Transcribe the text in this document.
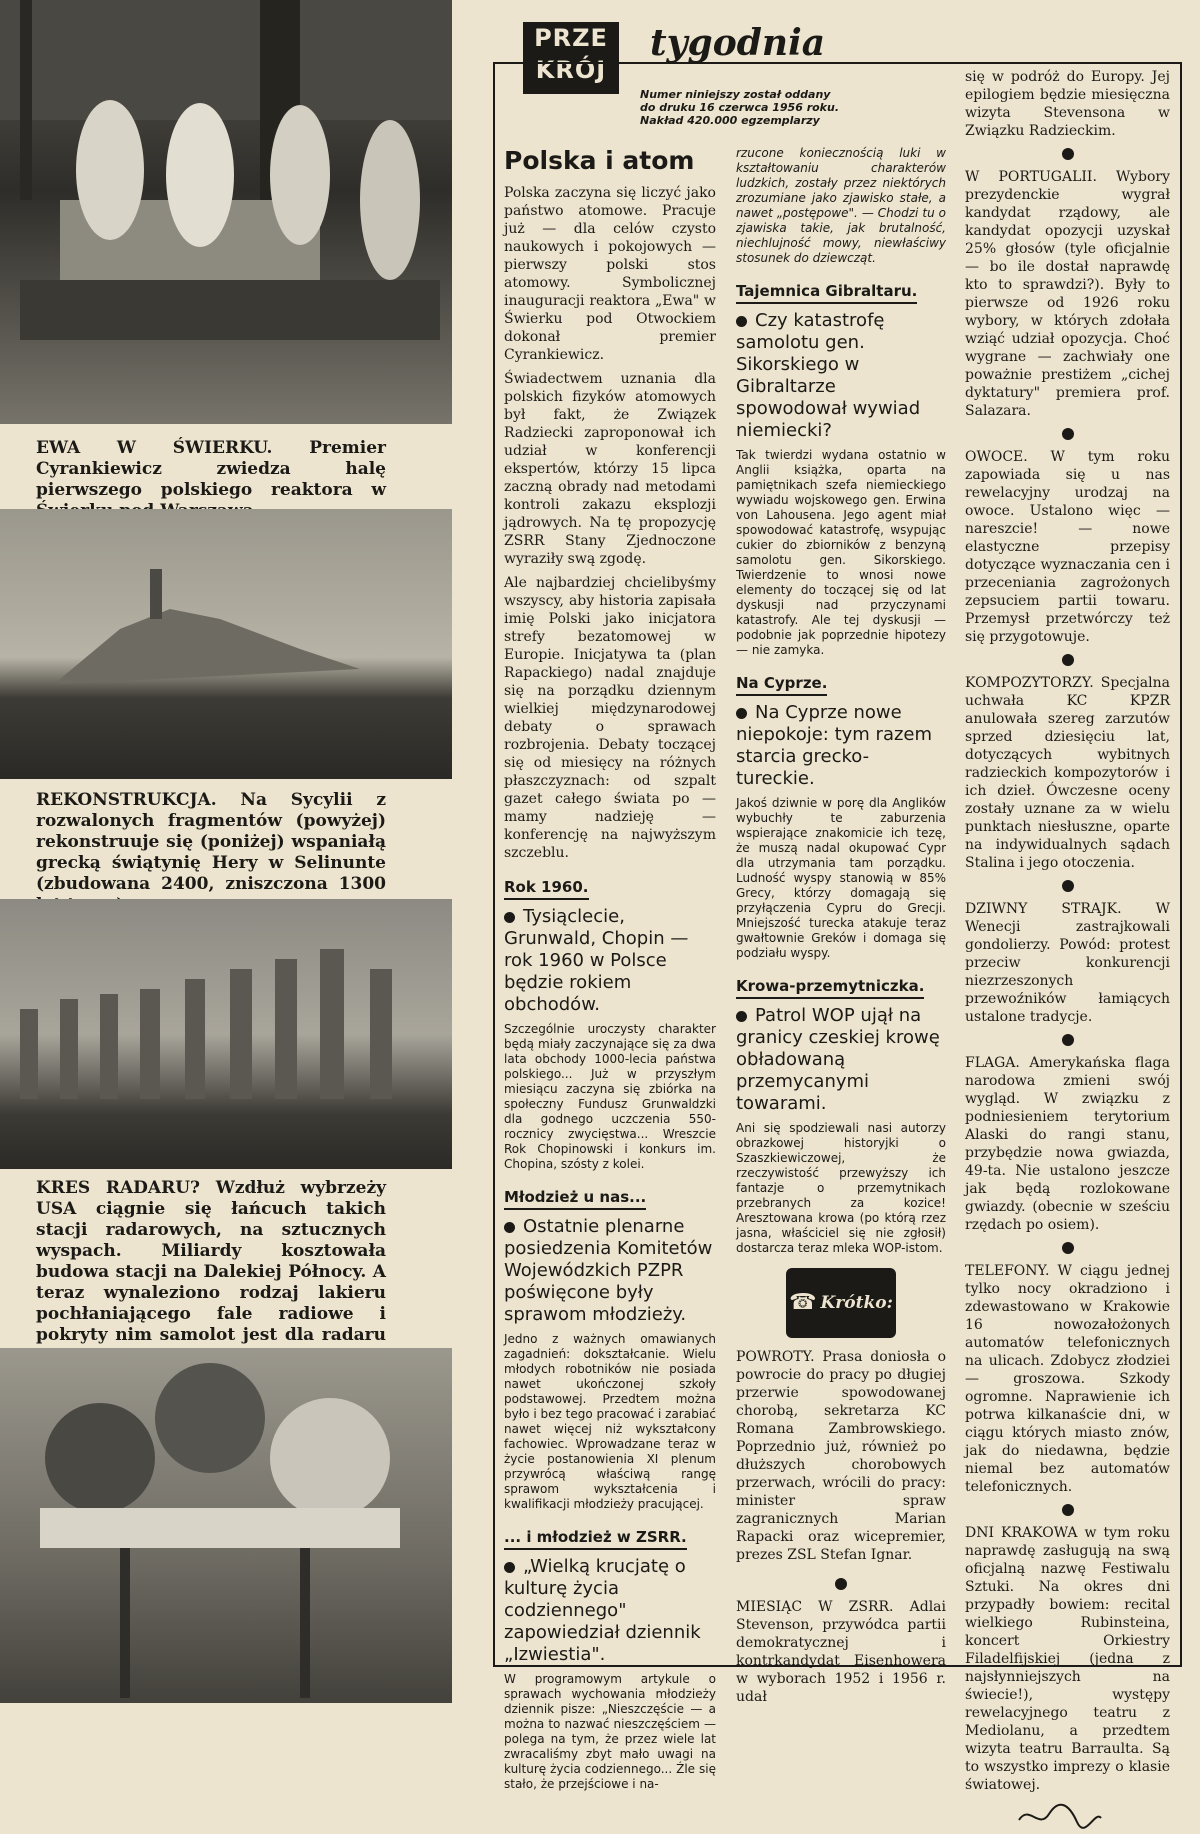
EWA W ŚWIERKU. Premier Cyrankiewicz zwiedza halę pierwszego polskiego reaktora w
REKONSTRUKCJA. Na Sycylii z rozwalonych fragmentów (powyżej) rekonstruuje się (poniżej) wspaniałą grecką świątynię Hery w Selinunte (zbudowana 2400, zniszczona 1300
KRES RADARU? Wzdłuż wybrzeży USA ciągnie się łańcuch takich stacji radarowych, na sztucznych wyspach. Miliardy kosztowała budowa stacji na Dalekiej Północy. A teraz wynaleziono rodzaj lakieru pochłaniającego fale radiowe i pokryty nim samolot jest dla radaru
PRZE
KRÓJ
tygodnia
Numer niniejszy został oddany
do druku 16 czerwca 1956 roku.
Nakład 420.000 egzemplarzy
Polska i atom

Polska zaczyna się liczyć jako państwo atomowe. Pracuje już — dla celów czysto naukowych i pokojowych — pierwszy polski stos atomowy. Symbolicznej inauguracji reaktora „Ewa" w Świerku pod Otwockiem dokonał premier Cyrankiewicz.

Świadectwem uznania dla polskich fizyków atomowych był fakt, że Związek Radziecki zaproponował ich udział w konferencji ekspertów, którzy 15 lipca zaczną obrady nad metodami kontroli zakazu eksplozji jądrowych. Na tę propozycję ZSRR Stany Zjednoczone wyraziły swą zgodę.

Ale najbardziej chcielibyśmy wszyscy, aby historia zapisała imię Polski jako inicjatora strefy bezatomowej w Europie. Inicjatywa ta (plan Rapackiego) nadal znajduje się na porządku dziennym wielkiej międzynarodowej debaty o sprawach rozbrojenia. Debaty toczącej się od miesięcy na różnych płaszczyznach: od szpalt gazet całego świata po — mamy nadzieję — konferencję na najwyższym szczeblu.

Rok 1960.
Tysiąclecie, Grunwald, Chopin — rok 1960 w Polsce będzie rokiem obchodów.

Szczególnie uroczysty charakter będą miały zaczynające się za dwa lata obchody 1000-lecia państwa polskiego... Już w przyszłym miesiącu zaczyna się zbiórka na społeczny Fundusz Grunwaldzki dla godnego uczczenia 550-rocznicy zwycięstwa... Wreszcie Rok Chopinowski i konkurs im. Chopina, szósty z kolei.

Młodzież u nas...
Ostatnie plenarne posiedzenia Komitetów Wojewódzkich PZPR poświęcone były sprawom młodzieży.

Jedno z ważnych omawianych zagadnień: dokształcanie. Wielu młodych robotników nie posiada nawet ukończonej szkoły podstawowej. Przedtem można było i bez tego pracować i zarabiać nawet więcej niż wykształcony fachowiec. Wprowadzane teraz w życie postanowienia XI plenum przywrócą właściwą rangę sprawom wykształcenia i kwalifikacji młodzieży pracującej.

... i młodzież w ZSRR.
„Wielką krucjatę o kulturę życia codziennego" zapowiedział dziennik „Izwiestia".

W programowym artykule o sprawach wychowania młodzieży dziennik pisze: „Nieszczęście — a można to nazwać nieszczęściem — polega na tym, że przez wiele lat zwracaliśmy zbyt mało uwagi na kulturę życia codziennego... Źle się stało, że przejściowe i na-

rzucone koniecznością luki w kształtowaniu charakterów ludzkich, zostały przez niektórych zrozumiane jako zjawisko stałe, a nawet „postępowe". — Chodzi tu o zjawiska takie, jak brutalność, niechlujność mowy, niewłaściwy stosunek do dziewcząt.

Tajemnica Gibraltaru.
Czy katastrofę samolotu gen. Sikorskiego w Gibraltarze spowodował wywiad niemiecki?

Tak twierdzi wydana ostatnio w Anglii książka, oparta na pamiętnikach szefa niemieckiego wywiadu wojskowego gen. Erwina von Lahousena. Jego agent miał spowodować katastrofę, wsypując cukier do zbiorników z benzyną samolotu gen. Sikorskiego. Twierdzenie to wnosi nowe elementy do toczącej się od lat dyskusji nad przyczynami katastrofy. Ale tej dyskusji — podobnie jak poprzednie hipotezy — nie zamyka.

Na Cyprze.
Na Cyprze nowe niepokoje: tym razem starcia grecko-tureckie.

Jakoś dziwnie w porę dla Anglików wybuchły te zaburzenia wspierające znakomicie ich tezę, że muszą nadal okupować Cypr dla utrzymania tam porządku. Ludność wyspy stanowią w 85% Grecy, którzy domagają się przyłączenia Cypru do Grecji. Mniejszość turecka atakuje teraz gwałtownie Greków i domaga się podziału wyspy.

Krowa-przemytniczka.
Patrol WOP ujął na granicy czeskiej krowę obładowaną przemycanymi towarami.

Ani się spodziewali nasi autorzy obrazkowej historyjki o Szaszkiewiczowej, że rzeczywistość przewyższy ich fantazje o przemytnikach przebranych za kozice! Aresztowana krowa (po którą rzez jasna, właściciel się nie zgłosił) dostarcza teraz mleka WOP-istom.

☎ Krótko:

POWROTY. Prasa doniosła o powrocie do pracy po długiej przerwie spowodowanej chorobą, sekretarza KC Romana Zambrowskiego. Poprzednio już, również po dłuższych chorobowych przerwach, wrócili do pracy: minister spraw zagranicznych Marian Rapacki oraz wicepremier, prezes ZSL Stefan Ignar.

MIESIĄC W ZSRR. Adlai Stevenson, przywódca partii demokratycznej i kontrkandydat Eisenhowera w wyborach 1952 i 1956 r. udał

się w podróż do Europy. Jej epilogiem będzie miesięczna wizyta Stevensona w Związku Radzieckim.

W PORTUGALII. Wybory prezydenckie wygrał kandydat rządowy, ale kandydat opozycji uzyskał 25% głosów (tyle oficjalnie — bo ile dostał naprawdę kto to sprawdzi?). Były to pierwsze od 1926 roku wybory, w których zdołała wziąć udział opozycja. Choć wygrane — zachwiały one poważnie prestiżem „cichej dyktatury" premiera prof. Salazara.

OWOCE. W tym roku zapowiada się u nas rewelacyjny urodzaj na owoce. Ustalono więc — nareszcie! — nowe elastyczne przepisy dotyczące wyznaczania cen i przeceniania zagrożonych zepsuciem partii towaru. Przemysł przetwórczy też się przygotowuje.

KOMPOZYTORZY. Specjalna uchwała KC KPZR anulowała szereg zarzutów sprzed dziesięciu lat, dotyczących wybitnych radzieckich kompozytorów i ich dzieł. Ówczesne oceny zostały uznane za w wielu punktach niesłuszne, oparte na indywidualnych sądach Stalina i jego otoczenia.

DZIWNY STRAJK. W Wenecji zastrajkowali gondolierzy. Powód: protest przeciw konkurencji niezrzeszonych przewoźników łamiących ustalone tradycje.

FLAGA. Amerykańska flaga narodowa zmieni swój wygląd. W związku z podniesieniem terytorium Alaski do rangi stanu, przybędzie nowa gwiazda, 49-ta. Nie ustalono jeszcze jak będą rozlokowane gwiazdy. (obecnie w sześciu rzędach po osiem).

TELEFONY. W ciągu jednej tylko nocy okradziono i zdewastowano w Krakowie 16 nowozałożonych automatów telefonicznych na ulicach. Zdobycz złodziei — groszowa. Szkody ogromne. Naprawienie ich potrwa kilkanaście dni, w ciągu których miasto znów, jak do niedawna, będzie niemal bez automatów telefonicznych.

DNI KRAKOWA w tym roku naprawdę zasługują na swą oficjalną nazwę Festiwalu Sztuki. Na okres dni przypadły bowiem: recital wielkiego Rubinsteina, koncert Orkiestry Filadelfijskiej (jedna z najsłynniejszych na świecie!), występy rewelacyjnego teatru z Mediolanu, a przedtem wizyta teatru Barraulta. Są to wszystko imprezy o klasie światowej.
